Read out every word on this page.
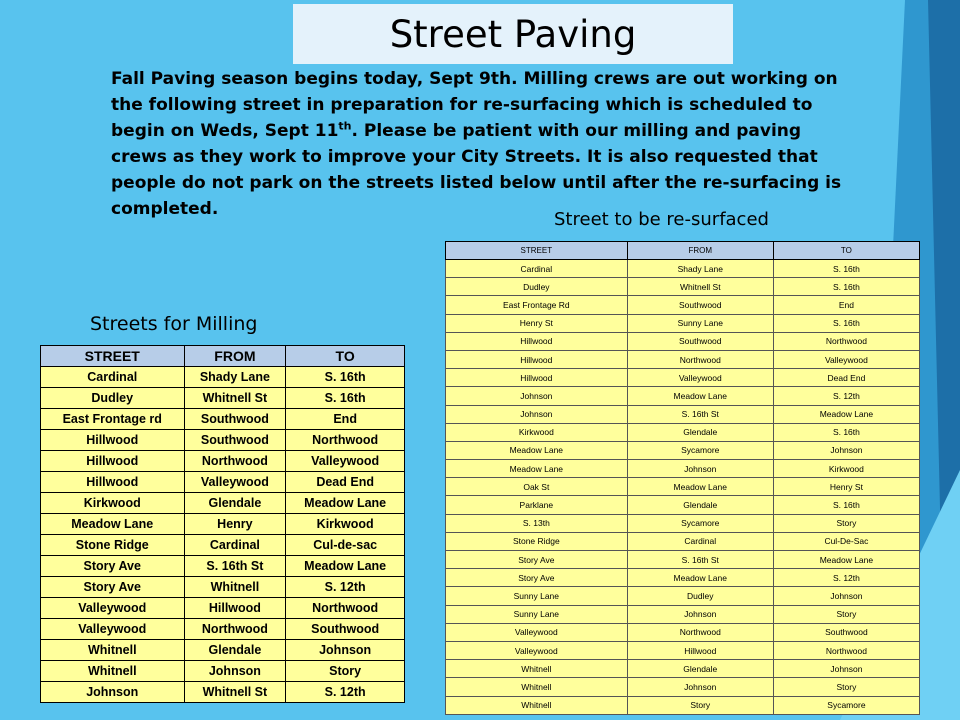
Street Paving
Fall Paving season begins today, Sept 9th. Milling crews are out working on the following street in preparation for re-surfacing which is scheduled to begin on Weds, Sept 11th. Please be patient with our milling and paving crews as they work to improve your City Streets. It is also requested that people do not park on the streets listed below until after the re-surfacing is completed.
Streets for Milling
STREET	FROM	TO
Cardinal	Shady Lane	S. 16th
Dudley	Whitnell St	S. 16th
East Frontage rd	Southwood	End
Hillwood	Southwood	Northwood
Hillwood	Northwood	Valleywood
Hillwood	Valleywood	Dead End
Kirkwood	Glendale	Meadow Lane
Meadow Lane	Henry	Kirkwood
Stone Ridge	Cardinal	Cul-de-sac
Story Ave	S. 16th St	Meadow Lane
Story Ave	Whitnell	S. 12th
Valleywood	Hillwood	Northwood
Valleywood	Northwood	Southwood
Whitnell	Glendale	Johnson
Whitnell	Johnson	Story
Johnson	Whitnell St	S. 12th
Street to be re-surfaced
STREET	FROM	TO
Cardinal	Shady Lane	S. 16th
Dudley	Whitnell St	S. 16th
East Frontage Rd	Southwood	End
Henry St	Sunny Lane	S. 16th
Hillwood	Southwood	Northwood
Hillwood	Northwood	Valleywood
Hillwood	Valleywood	Dead End
Johnson	Meadow Lane	S. 12th
Johnson	S. 16th St	Meadow Lane
Kirkwood	Glendale	S. 16th
Meadow Lane	Sycamore	Johnson
Meadow Lane	Johnson	Kirkwood
Oak St	Meadow Lane	Henry St
Parklane	Glendale	S. 16th
S. 13th	Sycamore	Story
Stone Ridge	Cardinal	Cul-De-Sac
Story Ave	S. 16th St	Meadow Lane
Story Ave	Meadow Lane	S. 12th
Sunny Lane	Dudley	Johnson
Sunny Lane	Johnson	Story
Valleywood	Northwood	Southwood
Valleywood	Hillwood	Northwood
Whitnell	Glendale	Johnson
Whitnell	Johnson	Story
Whitnell	Story	Sycamore
